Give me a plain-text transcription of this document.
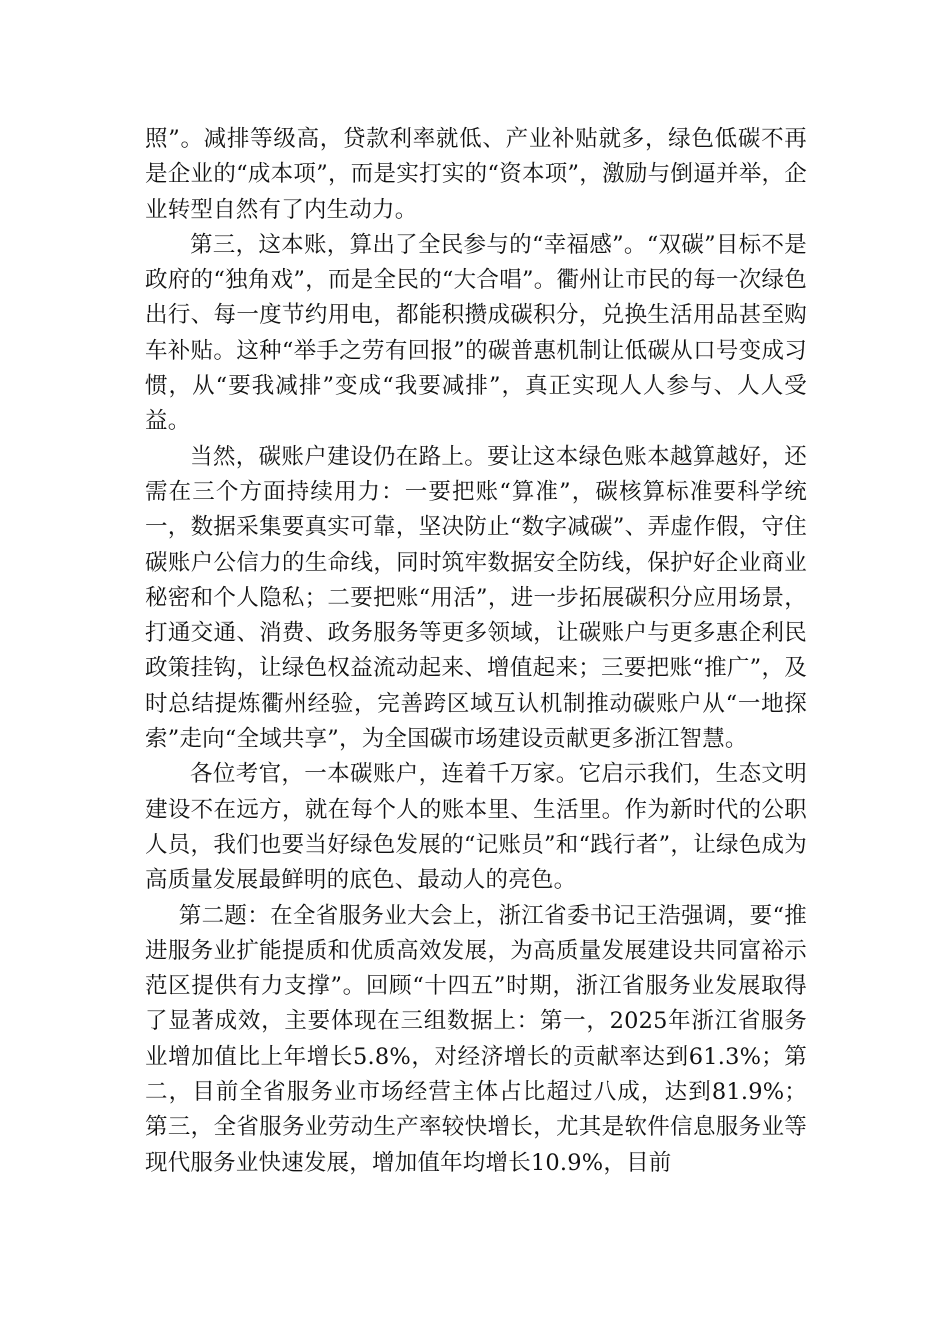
照”。减排等级高，贷款利率就低、产业补贴就多，绿色低碳不再是企业的“成本项”，而是实打实的“资本项”，激励与倒逼并举，企业转型自然有了内生动力。

第三，这本账，算出了全民参与的“幸福感”。“双碳”目标不是政府的“独角戏”，而是全民的“大合唱”。衢州让市民的每一次绿色出行、每一度节约用电，都能积攒成碳积分，兑换生活用品甚至购车补贴。这种“举手之劳有回报”的碳普惠机制让低碳从口号变成习惯，从“要我减排”变成“我要减排”，真正实现人人参与、人人受益。

当然，碳账户建设仍在路上。要让这本绿色账本越算越好，还需在三个方面持续用力：一要把账“算准”，碳核算标准要科学统一，数据采集要真实可靠，坚决防止“数字减碳”、弄虚作假，守住碳账户公信力的生命线，同时筑牢数据安全防线，保护好企业商业秘密和个人隐私；二要把账“用活”，进一步拓展碳积分应用场景，打通交通、消费、政务服务等更多领域，让碳账户与更多惠企利民政策挂钩，让绿色权益流动起来、增值起来；三要把账“推广”，及时总结提炼衢州经验，完善跨区域互认机制推动碳账户从“一地探索”走向“全域共享”，为全国碳市场建设贡献更多浙江智慧。

各位考官，一本碳账户，连着千万家。它启示我们，生态文明建设不在远方，就在每个人的账本里、生活里。作为新时代的公职人员，我们也要当好绿色发展的“记账员”和“践行者”，让绿色成为高质量发展最鲜明的底色、最动人的亮色。

第二题：在全省服务业大会上，浙江省委书记王浩强调，要“推进服务业扩能提质和优质高效发展，为高质量发展建设共同富裕示范区提供有力支撑”。回顾“十四五”时期，浙江省服务业发展取得了显著成效，主要体现在三组数据上：第一，2025年浙江省服务业增加值比上年增长5.8%，对经济增长的贡献率达到61.3%；第二，目前全省服务业市场经营主体占比超过八成，达到81.9%；第三，全省服务业劳动生产率较快增长，尤其是软件信息服务业等现代服务业快速发展，增加值年均增长10.9%，目前
